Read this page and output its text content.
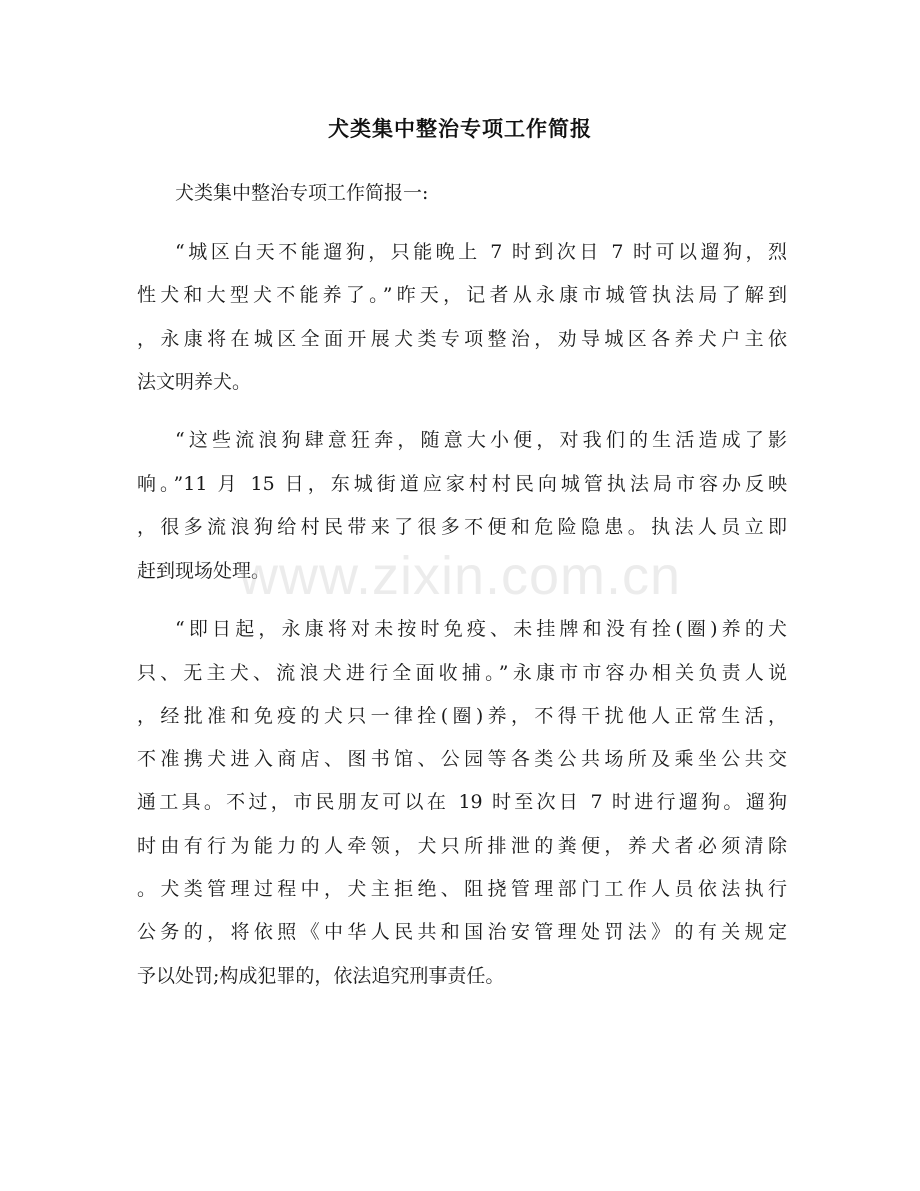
犬类集中整治专项工作简报
犬类集中整治专项工作简报一:
“城区白天不能遛狗，只能晚上 7 时到次日 7 时可以遛狗，烈
性犬和大型犬不能养了。”昨天，记者从永康市城管执法局了解到
，永康将在城区全面开展犬类专项整治，劝导城区各养犬户主依
法文明养犬。
“这些流浪狗肆意狂奔，随意大小便，对我们的生活造成了影
响。”11 月 15 日，东城街道应家村村民向城管执法局市容办反映
，很多流浪狗给村民带来了很多不便和危险隐患。执法人员立即
赶到现场处理。
“即日起，永康将对未按时免疫、未挂牌和没有拴(圈)养的犬
只、无主犬、流浪犬进行全面收捕。”永康市市容办相关负责人说
，经批准和免疫的犬只一律拴(圈)养，不得干扰他人正常生活，
不准携犬进入商店、图书馆、公园等各类公共场所及乘坐公共交
通工具。不过，市民朋友可以在 19 时至次日 7 时进行遛狗。遛狗
时由有行为能力的人牵领，犬只所排泄的粪便，养犬者必须清除
。犬类管理过程中，犬主拒绝、阻挠管理部门工作人员依法执行
公务的，将依照《中华人民共和国治安管理处罚法》的有关规定
予以处罚;构成犯罪的，依法追究刑事责任。
www.zixin.com.cn
